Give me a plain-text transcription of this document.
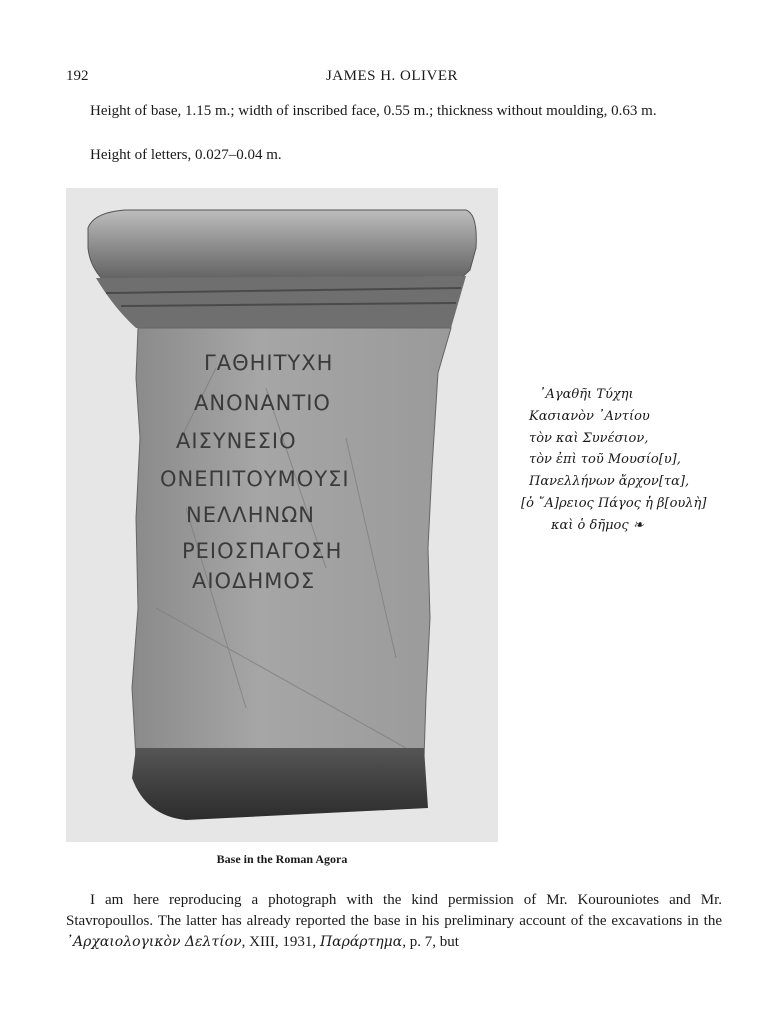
192	JAMES H. OLIVER

Height of base, 1.15 m.; width of inscribed face, 0.55 m.; thickness without moulding, 0.63 m.

Height of letters, 0.027–0.04 m.

ΓΑΘΗΙΤΥΧΗ
ΑΝΟΝΑΝΤΙΟ
ΑΙΣΥΝΕΣΙΟ
ΟΝΕΠΙΤΟΥΜΟΥΣΙ
ΝΕΛΛΗΝΩΝ
ΡΕΙΟΣΠΑΓΟΣΗ
ΑΙΟΔΗΜΟΣ
Base in the Roman Agora
᾿Αγαθῆι Τύχηι
Κασιανὸν ᾿Αντίου
τὸν καὶ Συνέσιον,
τὸν ἐπὶ τοῦ Μουσίο[υ],
Πανελλήνων ἄρχον[τα],
[ὁ ῎Α]ρειος Πάγος ἡ β[ουλὴ]
καὶ ὁ δῆμος ❧

I am here reproducing a photograph with the kind permission of Mr. Kourouniotes and Mr. Stavropoullos. The latter has already reported the base in his preliminary account of the excavations in the ᾿Αρχαιολογικὸν Δελτίον, XIII, 1931, Παράρτημα, p. 7, but
